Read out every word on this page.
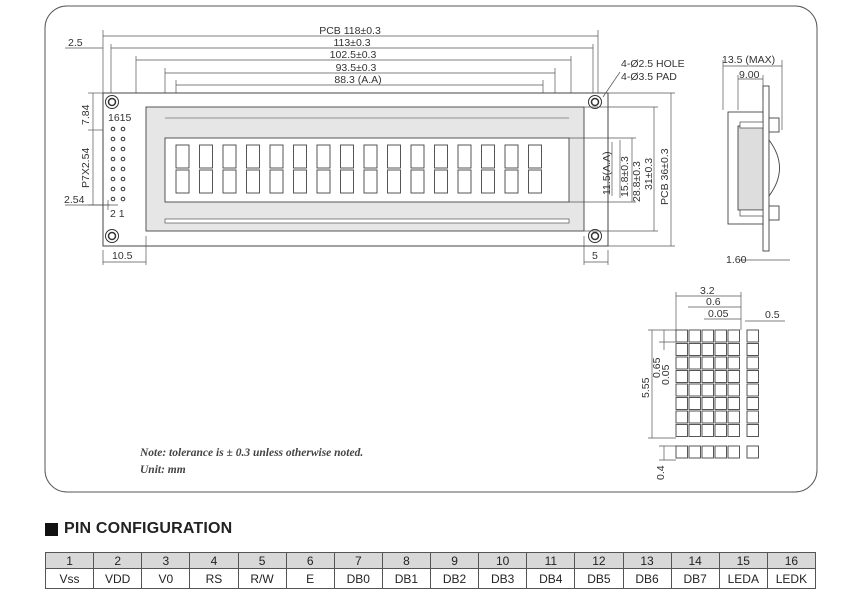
PCB 118±0.3
113±0.3
102.5±0.3
93.5±0.3
88.3 (A.A)
2.5
4-Ø2.5 HOLE
4-Ø3.5 PAD
1615
2 1
7.84
P7X2.54
2.54
10.5	5
11.5(A.A) 15.8±0.3 28.8±0.3 31±0.3 PCB 36±0.3
13.5 (MAX)
9.00
1.60
3.2
0.6
0.05	0.5
5.55
0.65
0.05
0.4
Note: tolerance is ± 0.3 unless otherwise noted.
Unit: mm
PIN CONFIGURATION
1	2	3	4	5	6	7	8	9	10	11	12	13	14	15	16
Vss	VDD	V0	RS	R/W	E	DB0	DB1	DB2	DB3	DB4	DB5	DB6	DB7	LEDA	LEDK
